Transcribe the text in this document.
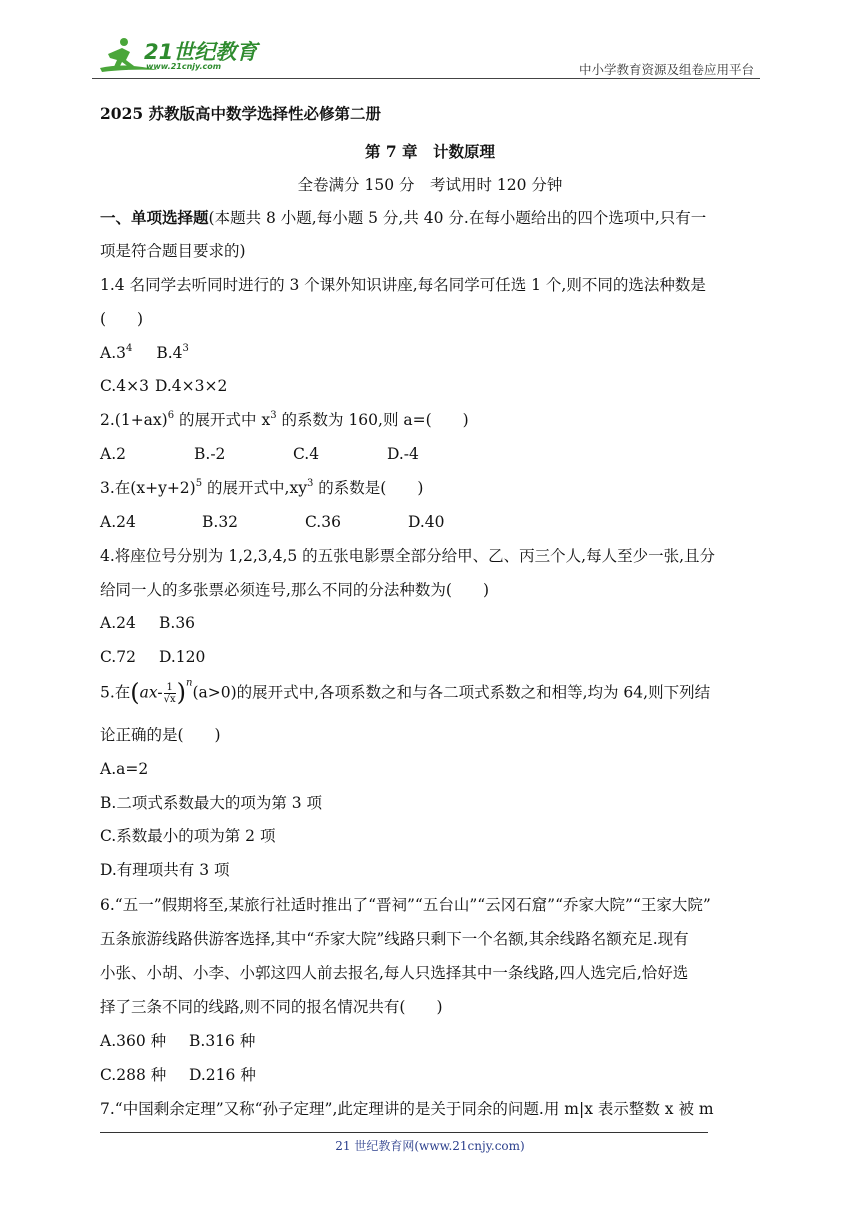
21世纪教育
www.21cnjy.com	中小学教育资源及组卷应用平台
2025 苏教版高中数学选择性必修第二册
第 7 章　计数原理
全卷满分 150 分　考试用时 120 分钟
一、单项选择题(本题共 8 小题,每小题 5 分,共 40 分.在每小题给出的四个选项中,只有一
项是符合题目要求的)
1.4 名同学去听同时进行的 3 个课外知识讲座,每名同学可任选 1 个,则不同的选法种数是
(　　)
$A.3^4$ $B.4^3$
C.4×3 D.4×3×2
$2.(1+ax)^6$ 的展开式中 $x^3$ 的系数为 160,则 a=(　　)
A.2	B.-2	C.4	D.-4
3.在$(x+y+2)^5$ 的展开式中$,xy^3$ 的系数是(　　)
A.24	B.32	C.36	D.40
4.将座位号分别为 1,2,3,4,5 的五张电影票全部分给甲、乙、丙三个人,每人至少一张,且分
给同一人的多张票必须连号,那么不同的分法种数为(　　)
A.24 B.36
C.72 D.120
5.在$(ax- \frac{1}{√x} )^n(a>0)$的展开式中,各项系数之和与各二项式系数之和相等,均为 64,则下列结
论正确的是(　　)
A.a=2
B.二项式系数最大的项为第 3 项
C.系数最小的项为第 2 项
D.有理项共有 3 项
6.“五一”假期将至,某旅行社适时推出了“晋祠”“五台山”“云冈石窟”“乔家大院”“王家大院”
五条旅游线路供游客选择,其中“乔家大院”线路只剩下一个名额,其余线路名额充足.现有
小张、小胡、小李、小郭这四人前去报名,每人只选择其中一条线路,四人选完后,恰好选
择了三条不同的线路,则不同的报名情况共有(　　)
A.360 种 B.316 种
C.288 种 D.216 种
7.“中国剩余定理”又称“孙子定理”,此定理讲的是关于同余的问题.用 m|x 表示整数 x 被 m
21 世纪教育网(www.21cnjy.com)
